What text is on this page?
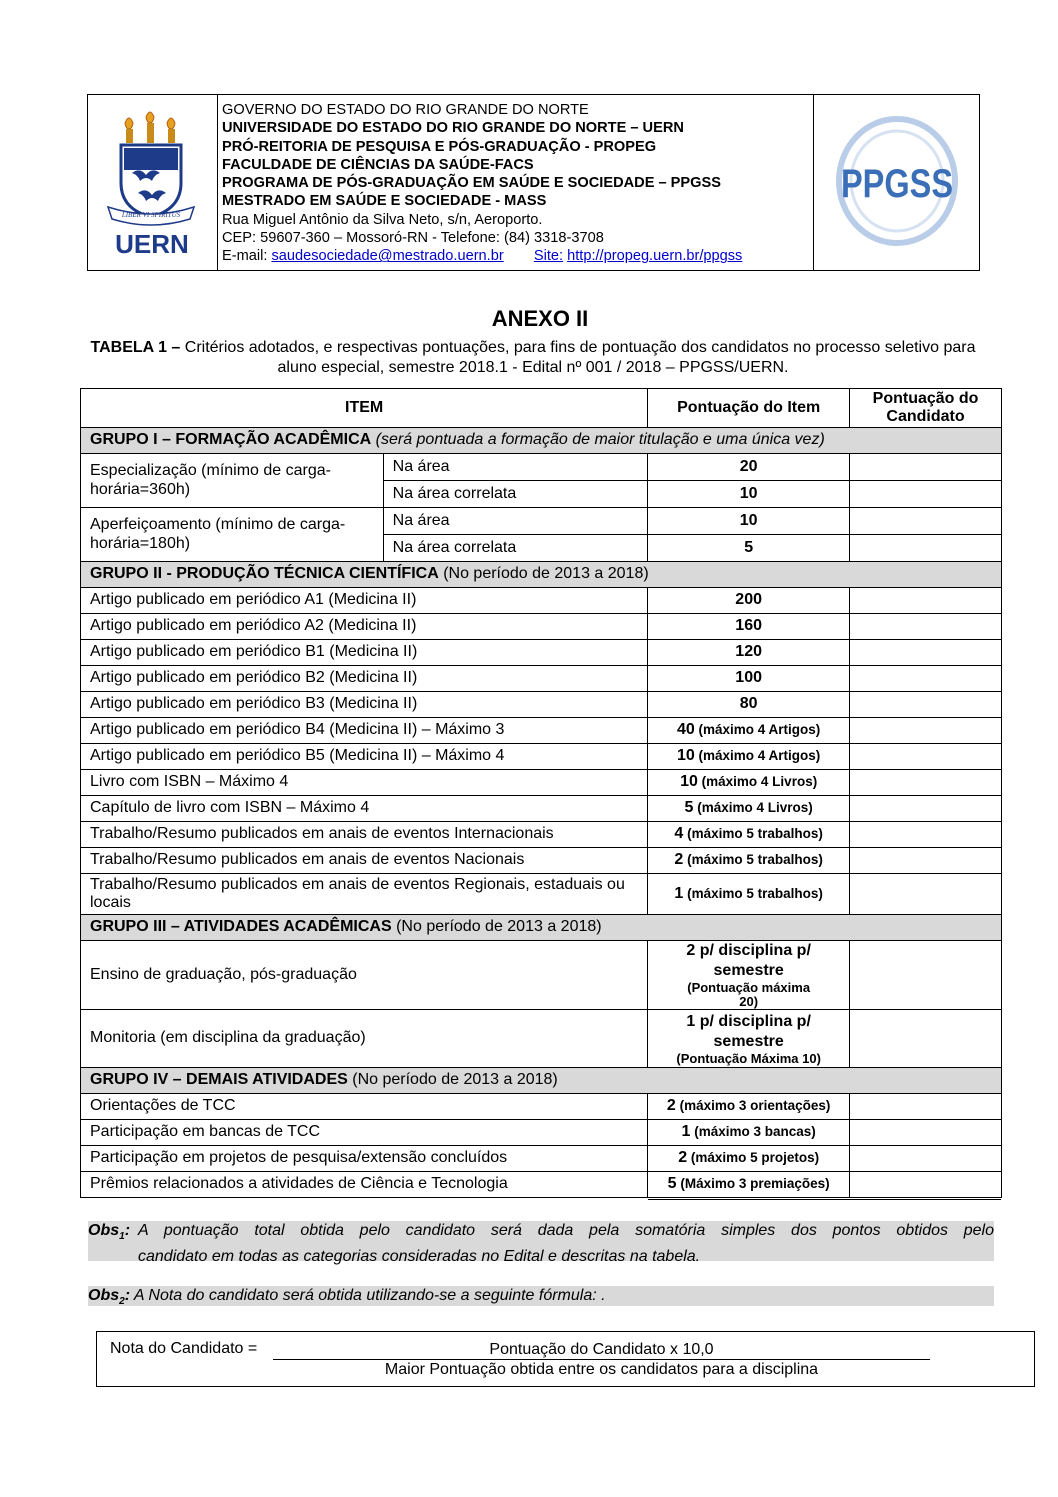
LIBER VI SPIRITUS
UERN
GOVERNO DO ESTADO DO RIO GRANDE DO NORTE
UNIVERSIDADE DO ESTADO DO RIO GRANDE DO NORTE – UERN
PRÓ-REITORIA DE PESQUISA E PÓS-GRADUAÇÃO - PROPEG
FACULDADE DE CIÊNCIAS DA SAÚDE-FACS
PROGRAMA DE PÓS-GRADUAÇÃO EM SAÚDE E SOCIEDADE – PPGSS
MESTRADO EM SAÚDE E SOCIEDADE - MASS
Rua Miguel Antônio da Silva Neto, s/n, Aeroporto.
CEP: 59607-360 – Mossoró-RN - Telefone: (84) 3318-3708
E-mail: saudesociedade@mestrado.uern.br Site: http://propeg.uern.br/ppgss
PPGSS
ANEXO II
TABELA 1 – Critérios adotados, e respectivas pontuações, para fins de pontuação dos candidatos no processo seletivo para aluno especial, semestre 2018.1 - Edital nº 001 / 2018 – PPGSS/UERN.
ITEM		Pontuação do Item	Pontuação do Candidato
GRUPO I – FORMAÇÃO ACADÊMICA (será pontuada a formação de maior titulação e uma única vez)			
Especialização (mínimo de carga-horária=360h)	Na área	20	
	Na área correlata	10	
Aperfeiçoamento (mínimo de carga-horária=180h)	Na área	10	
	Na área correlata	5	
GRUPO II - PRODUÇÃO TÉCNICA CIENTÍFICA (No período de 2013 a 2018)			
Artigo publicado em periódico A1 (Medicina II)		200	
Artigo publicado em periódico A2 (Medicina II)		160	
Artigo publicado em periódico B1 (Medicina II)		120	
Artigo publicado em periódico B2 (Medicina II)		100	
Artigo publicado em periódico B3 (Medicina II)		80	
Artigo publicado em periódico B4 (Medicina II) – Máximo 3		40 (máximo 4 Artigos)	
Artigo publicado em periódico B5 (Medicina II) – Máximo 4		10 (máximo 4 Artigos)	
Livro com ISBN – Máximo 4		10 (máximo 4 Livros)	
Capítulo de livro com ISBN – Máximo 4		5 (máximo 4 Livros)	
Trabalho/Resumo publicados em anais de eventos Internacionais		4 (máximo 5 trabalhos)	
Trabalho/Resumo publicados em anais de eventos Nacionais		2 (máximo 5 trabalhos)	
Trabalho/Resumo publicados em anais de eventos Regionais, estaduais ou locais		1 (máximo 5 trabalhos)	
GRUPO III – ATIVIDADES ACADÊMICAS (No período de 2013 a 2018)			
Ensino de graduação, pós-graduação		2 p/ disciplina p/ semestre
(Pontuação máxima 20)	

Monitoria (em disciplina da graduação)		1 p/ disciplina p/ semestre
(Pontuação Máxima 10)	

GRUPO IV – DEMAIS ATIVIDADES (No período de 2013 a 2018)			
Orientações de TCC		2 (máximo 3 orientações)	
Participação em bancas de TCC		1 (máximo 3 bancas)	
Participação em projetos de pesquisa/extensão concluídos		2 (máximo 5 projetos)	
Prêmios relacionados a atividades de Ciência e Tecnologia		5 (Máximo 3 premiações)	
Obs$_1$: A pontuação total obtida pelo candidato será dada pela somatória simples dos pontos obtidos pelo
candidato em todas as categorias consideradas no Edital e descritas na tabela.
Obs$_2$: A Nota do candidato será obtida utilizando-se a seguinte fórmula: .
Nota do Candidato =	Pontuação do Candidato x 10,0
Maior Pontuação obtida entre os candidatos para a disciplina
